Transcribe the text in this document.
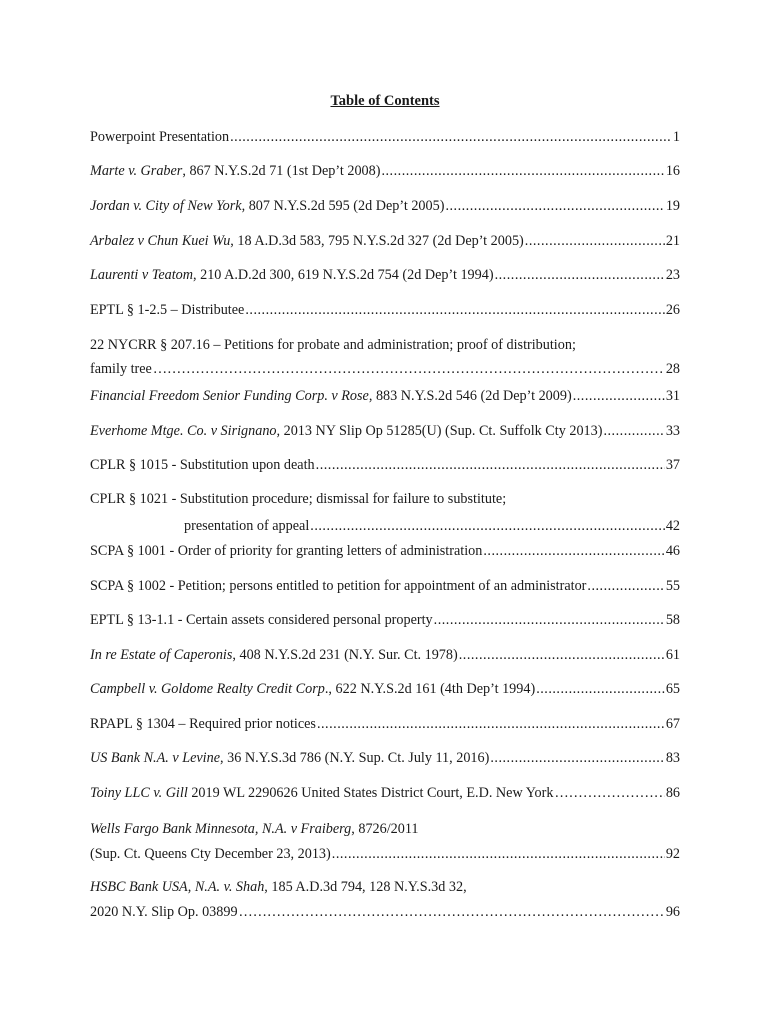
Table of Contents
Powerpoint Presentation .....	1
Marte v. Graber, 867 N.Y.S.2d 71 (1st Dep’t 2008) .....	16
Jordan v. City of New York, 807 N.Y.S.2d 595 (2d Dep’t 2005) .....	19
Arbalez v Chun Kuei Wu, 18 A.D.3d 583, 795 N.Y.S.2d 327 (2d Dep’t 2005) .....	21
Laurenti v Teatom, 210 A.D.2d 300, 619 N.Y.S.2d 754 (2d Dep’t 1994) .....	23
EPTL § 1-2.5 – Distributee .....	26
22 NYCRR § 207.16 – Petitions for probate and administration; proof of distribution;
family tree ……………………………………………………………………………………………………………………………………………………………………………………………………	28
Financial Freedom Senior Funding Corp. v Rose, 883 N.Y.S.2d 546 (2d Dep’t 2009) .....	31
Everhome Mtge. Co. v Sirignano, 2013 NY Slip Op 51285(U) (Sup. Ct. Suffolk Cty 2013) .....	33
CPLR § 1015 - Substitution upon death .....	37
CPLR § 1021 - Substitution procedure; dismissal for failure to substitute;
presentation of appeal .....	42
SCPA § 1001 - Order of priority for granting letters of administration .....	46
SCPA § 1002 - Petition; persons entitled to petition for appointment of an administrator .....	55
EPTL § 13-1.1 - Certain assets considered personal property .....	58
In re Estate of Caperonis, 408 N.Y.S.2d 231 (N.Y. Sur. Ct. 1978) .....	61
Campbell v. Goldome Realty Credit Corp., 622 N.Y.S.2d 161 (4th Dep’t 1994) .....	65
RPAPL § 1304 – Required prior notices .....	67
US Bank N.A. v Levine, 36 N.Y.S.3d 786 (N.Y. Sup. Ct. July 11, 2016) .....	83
Toiny LLC v. Gill 2019 WL 2290626 United States District Court, E.D. New York ……………………………………………………………………………………………………………………………………………………………………………………………………	86
Wells Fargo Bank Minnesota, N.A. v Fraiberg, 8726/2011
(Sup. Ct. Queens Cty December 23, 2013) .....	92
HSBC Bank USA, N.A. v. Shah, 185 A.D.3d 794, 128 N.Y.S.3d 32,
2020 N.Y. Slip Op. 03899 ……………………………………………………………………………………………………………………………………………………………………………………………………	96
